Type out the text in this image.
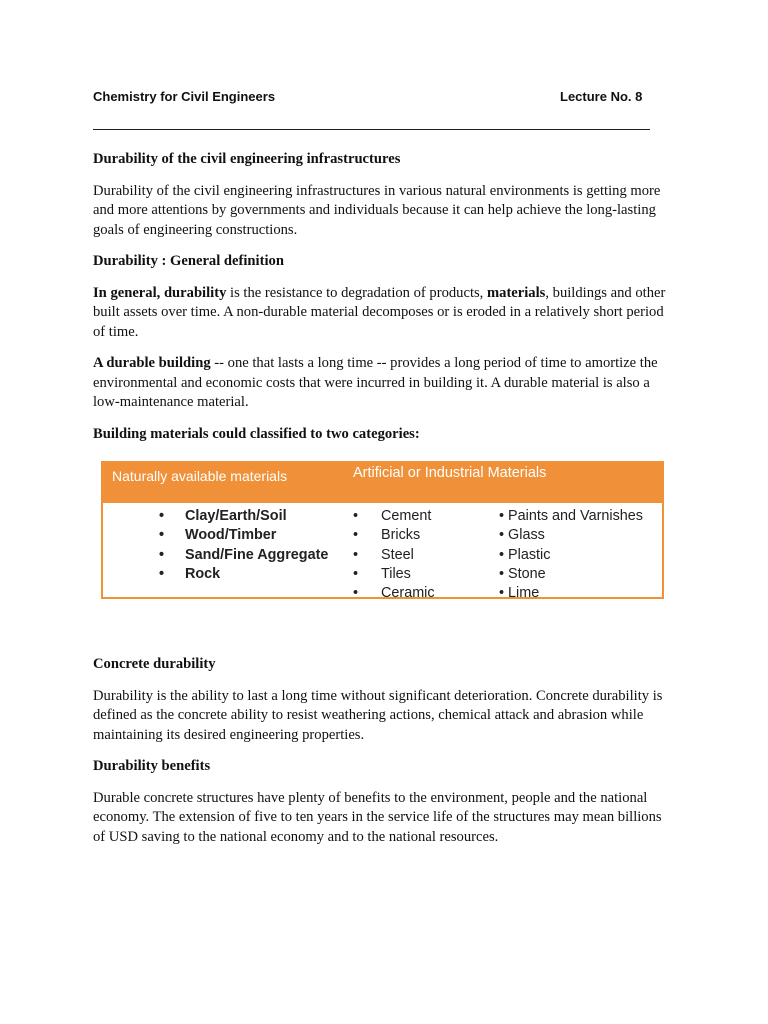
Chemistry for Civil Engineers	Lecture No. 8
Durability of the civil engineering infrastructures

Durability of the civil engineering infrastructures in various natural environments is getting more and more attentions by governments and individuals because it can help achieve the long-lasting goals of engineering constructions.

Durability : General definition

In general, durability is the resistance to degradation of products, materials, buildings and other built assets over time. A non-durable material decomposes or is eroded in a relatively short period of time.

A durable building -- one that lasts a long time -- provides a long period of time to amortize the environmental and economic costs that were incurred in building it. A durable material is also a low-maintenance material.

Building materials could classified to two categories:
Naturally available materials	Artificial or Industrial Materials
• Clay/Earth/Soil
• Wood/Timber
• Sand/Fine Aggregate
• Rock
• Cement
• Bricks
• Steel
• Tiles
• Ceramic
• Paints and Varnishes
• Glass
• Plastic
• Stone
• Lime
Concrete durability

Durability is the ability to last a long time without significant deterioration. Concrete durability is defined as the concrete ability to resist weathering actions, chemical attack and abrasion while maintaining its desired engineering properties.

Durability benefits

Durable concrete structures have plenty of benefits to the environment, people and the national economy. The extension of five to ten years in the service life of the structures may mean billions of USD saving to the national economy and to the national resources.
